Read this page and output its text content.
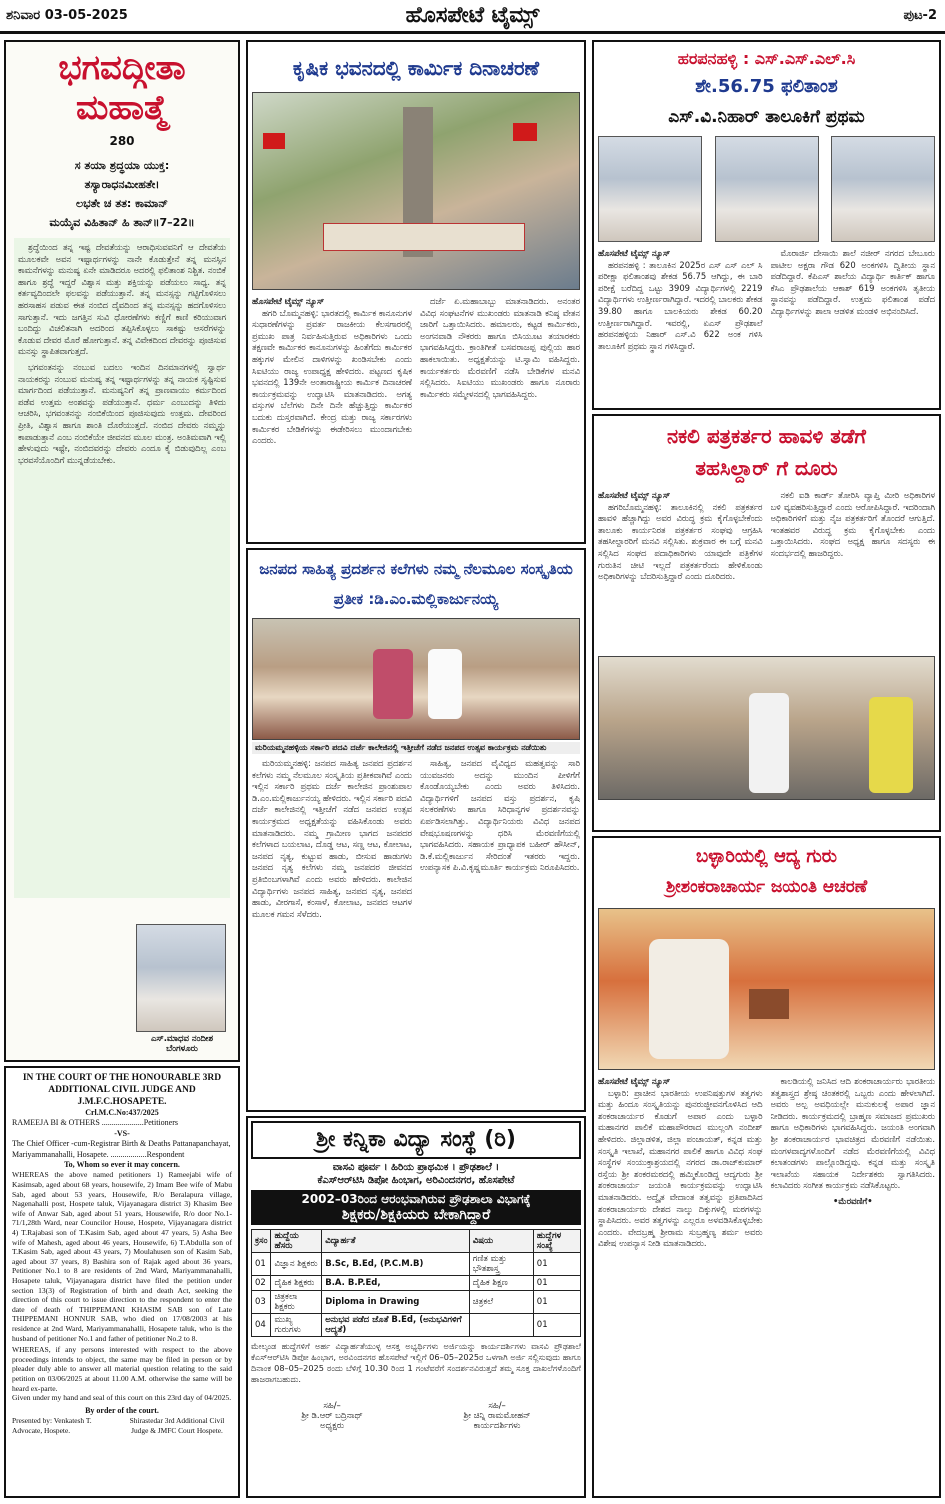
ಹೊಸಪೇಟೆ ಟೈಮ್ಸ್
ಶನಿವಾರ 03-05-2025	ಪುಟ-2
ಭಗವದ್ಗೀತಾ
ಮಹಾತ್ಮೆ
280
ಸ ತಯಾ ಶ್ರದ್ಧಯಾ ಯುಕ್ತ:
ತಸ್ಯಾರಾಧನಮೀಹತೇ।
ಲಭತೇ ಚ ತತ: ಕಾಮಾನ್
ಮಯೈವ ವಿಹಿತಾನ್ ಹಿ ತಾನ್॥7–22॥

ಶ್ರದ್ಧೆಯಿಂದ ತನ್ನ ಇಷ್ಟ ದೇವತೆಯನ್ನು ಆರಾಧಿಸುವವನಿಗೆ ಆ ದೇವತೆಯ ಮೂಲಕವೇ ಅವನ ಇಷ್ಟಾರ್ಥಗಳನ್ನು ನಾನೇ ಕೊಡುತ್ತೇನೆ ತನ್ನ ಮನಸ್ಸಿನ ಕಾಮನೆಗಳನ್ನು ಮನುಷ್ಯ ಏನೇ ಮಾಡಿದರೂ ಅದರಲ್ಲಿ ಫಲಿತಾಂಶ ನಿಶ್ಚಿತ. ನಂಬಿಕೆ ಹಾಗೂ ಶ್ರದ್ಧೆ ಇದ್ದರೆ ವಿಶ್ವಾಸ ಮತ್ತು ಶಕ್ತಿಯನ್ನು ಪಡೆಯಲು ಸಾಧ್ಯ. ತನ್ನ ಕರ್ತವ್ಯದಿಂದಲೇ ಫಲವನ್ನು ಪಡೆಯುತ್ತಾನೆ. ತನ್ನ ಮನಸ್ಸನ್ನು ಗಟ್ಟಿಗೊಳಿಸಲು ಹರಸಾಹಸ ಪಡುವ ಈತ ನಂಬಿದ ದೈವದಿಂದ ತನ್ನ ಮನಸ್ಸನ್ನು ಹದಗೊಳಿಸಲು ಸಾಗುತ್ತಾನೆ. ಇದು ಜಗತ್ತಿನ ಸುವಿ ಧೋರಣೆಗಳು ಕಣ್ಣಿಗೆ ಕಾಣಿ ಕರಿಯುವಾಗ ಬಂದಿದ್ದು ವಿಚಲಿತನಾಗಿ ಅದರಿಂದ ತಪ್ಪಿಸಿಕೊಳ್ಳಲು ಸಾಕಷ್ಟು ಆಸರೆಗಳನ್ನು ಕೊಡುವ ದೇವರ ಮೊರೆ ಹೋಗುತ್ತಾನೆ. ತನ್ನ ವಿವೇಕದಿಂದ ದೇವರನ್ನು ಪೂಜಿಸುವ ಮನಸ್ಸು ಸ್ಥಾಪಿತವಾಗುತ್ತದೆ.

ಭಗವಂತನನ್ನು ನಂಬುವ ಬದಲು ಇಂದಿನ ದಿನಮಾನಗಳಲ್ಲಿ ಸ್ವಾರ್ಥ ನಾಯಕರನ್ನು ನಂಬುವ ಮನುಷ್ಯ ತನ್ನ ಇಷ್ಟಾರ್ಥಗಳನ್ನು ತನ್ನ ನಾಯಕ ಸೃಷ್ಟಿಸುವ ಮಾರ್ಗದಿಂದ ಪಡೆಯುತ್ತಾನೆ. ಮನುಷ್ಯನಿಗೆ ತನ್ನ ಪ್ರಾಣವಾಯು ಕರ್ಮದಿಂದ ಪಡೆವ ಉತ್ತಮ ಅಂಶವನ್ನು ಪಡೆಯುತ್ತಾನೆ. ಧರ್ಮ ಎಂಬುದನ್ನು ತಿಳಿದು ಆಚರಿಸಿ, ಭಗವಂತನನ್ನು ನಂಬಿಕೆಯಿಂದ ಪೂಜಿಸುವುದು ಉತ್ತಮ. ದೇವರಿಂದ ಪ್ರೀತಿ, ವಿಶ್ವಾಸ ಹಾಗೂ ಶಾಂತಿ ದೊರೆಯುತ್ತದೆ. ನಂಬಿದ ದೇವರು ನಮ್ಮನ್ನು ಕಾಪಾಡುತ್ತಾನೆ ಎಂಬ ನಂಬಿಕೆಯೇ ಜೀವನದ ಮೂಲ ಮಂತ್ರ. ಅಂತಿಮವಾಗಿ ಇಲ್ಲಿ ಹೇಳುವುದು ಇಷ್ಟೇ, ನಂಬಿದವರನ್ನು ದೇವರು ಎಂದೂ ಕೈ ಬಿಡುವುದಿಲ್ಲ ಎಂಬ ಭರವಸೆಯೊಂದಿಗೆ ಮುನ್ನಡೆಯಬೇಕು.

ಎಸ್.ಮಾಧವ ನಂದೀಶ
ಬೆಂಗಳೂರು
IN THE COURT OF THE HONOURABLE 3RD ADDITIONAL CIVIL JUDGE AND J.M.F.C.HOSAPETE.
Crl.M.C.No:437/2025
RAMEEJA BI & OTHERS .....................Petitioners
-VS-
The Chief Officer -cum-Registrar Birth & Deaths Pattanapanchayat, Mariyammanahalli, Hosapete. ..................Respondent
To, Whom so ever it may concern.
WHEREAS the above named petitioners 1) Rameejabi wife of Kasimsab, aged about 68 years, housewife, 2) Imam Bee wife of Mabu Sab, aged about 53 years, Housewife, R/o Beralapura village, Nagenahalli post, Hospete taluk, Vijayanagara district 3) Khasim Bee wife of Anwar Sab, aged about 51 years, Housewife, R/o door No.1-71/1,28th Ward, near Councilor House, Hospete, Vijayanagara district 4) T.Rajabasi son of T.Kasim Sab, aged about 47 years, 5) Asha Bee wife of Mahesh, aged about 46 years, Housewife, 6) T.Abdulla son of T.Kasim Sab, aged about 43 years, 7) Moulahusen son of Kasim Sab, aged about 37 years, 8) Bashira son of Rajak aged about 36 years, Petitioner No.1 to 8 are residents of 2nd Ward, Mariyammanahalli, Hosapete taluk, Vijayanagara district have filed the petition under section 13(3) of Registration of birth and death Act, seeking the direction of this court to issue direction to the respondent to enter the date of death of THIPPEMANI KHASIM SAB son of Late THIPPEMANI HONNUR SAB, who died on 17/08/2003 at his residence at 2nd Ward, Mariyammanahalli, Hosapete taluk, who is the husband of petitioner No.1 and father of petitioner No.2 to 8.
WHEREAS, if any persons interested with respect to the above proceedings intends to object, the same may be filed in person or by pleader duly able to answer all material question relating to the said petition on 03/06/2025 at about 11.00 A.M. otherwise the same will be heard ex-parte.
Given under my hand and seal of this court on this 23rd day of 04/2025.
By order of the court.
Presented by: Venkatesh T. Advocate, Hospete.
Shirastedar 3rd Additional Civil Judge & JMFC Court Hospete.
ಕೃಷಿಕ ಭವನದಲ್ಲಿ ಕಾರ್ಮಿಕ ದಿನಾಚರಣೆ
ಹೊಸಪೇಟೆ ಟೈಮ್ಸ್ ನ್ಯೂಸ್

ಹಗರಿ ಬೊಮ್ಮನಹಳ್ಳಿ: ಭಾರತದಲ್ಲಿ ಕಾರ್ಮಿಕ ಕಾನೂನುಗಳ ಸುಧಾರಣೆಗಳನ್ನು ಪ್ರವರ್ತ ರಾಜಕೀಯ ಕೆಲಸಗಾರರಲ್ಲಿ ಪ್ರಮುಖ ಪಾತ್ರ ನಿರ್ವಹಿಸುತ್ತಿರುವ ಅಧಿಕಾರಿಗಳು ಒಂದು ತಕ್ಷಣವೇ ಕಾರ್ಮಿಕರ ಕಾನೂನುಗಳನ್ನು ಹಿಂತೆಗೆದು ಕಾರ್ಮಿಕರ ಹಕ್ಕುಗಳ ಮೇಲಿನ ದಾಳಿಗಳನ್ನು ಖಂಡಿಸಬೇಕು ಎಂದು ಸಿಐಟಿಯು ರಾಜ್ಯ ಉಪಾಧ್ಯಕ್ಷ ಹೇಳಿದರು. ಪಟ್ಟಣದ ಕೃಷಿಕ ಭವನದಲ್ಲಿ 139ನೇ ಅಂತಾರಾಷ್ಟ್ರೀಯ ಕಾರ್ಮಿಕ ದಿನಾಚರಣೆ ಕಾರ್ಯಕ್ರಮವನ್ನು ಉದ್ಘಾಟಿಸಿ ಮಾತನಾಡಿದರು. ಅಗತ್ಯ ವಸ್ತುಗಳ ಬೆಲೆಗಳು ದಿನೇ ದಿನೇ ಹೆಚ್ಚುತ್ತಿದ್ದು ಕಾರ್ಮಿಕರ ಬದುಕು ದುಸ್ತರವಾಗಿದೆ. ಕೇಂದ್ರ ಮತ್ತು ರಾಜ್ಯ ಸರ್ಕಾರಗಳು ಕಾರ್ಮಿಕರ ಬೇಡಿಕೆಗಳನ್ನು ಈಡೇರಿಸಲು ಮುಂದಾಗಬೇಕು ಎಂದರು.

ದರ್ಜೆ ಏ.ಮಹಾಬಾಬ್ಬು ಮಾತನಾಡಿದರು. ಅನಂತರ ವಿವಿಧ ಸಂಘಟನೆಗಳ ಮುಖಂಡರು ಮಾತನಾಡಿ ಕನಿಷ್ಠ ವೇತನ ಜಾರಿಗೆ ಒತ್ತಾಯಿಸಿದರು. ಹಮಾಲರು, ಕಟ್ಟಡ ಕಾರ್ಮಿಕರು, ಅಂಗನವಾಡಿ ನೌಕರರು ಹಾಗೂ ಬಿಸಿಯೂಟ ತಯಾರಕರು ಭಾಗವಹಿಸಿದ್ದರು. ಕ್ರಾಂತಿಗೀತೆ ಬಸವರಾಜಪ್ಪ ಪುಲ್ಲಿಯ ಹಾರ ಹಾಕಲಾಯಿತು. ಅಧ್ಯಕ್ಷತೆಯನ್ನು ಟಿ.ಸ್ವಾಮಿ ವಹಿಸಿದ್ದರು. ಕಾರ್ಯಕರ್ತರು ಮೆರವಣಿಗೆ ನಡೆಸಿ ಬೇಡಿಕೆಗಳ ಮನವಿ ಸಲ್ಲಿಸಿದರು. ಸಿಐಟಿಯು ಮುಖಂಡರು ಹಾಗೂ ನೂರಾರು ಕಾರ್ಮಿಕರು ಸಮ್ಮೇಳನದಲ್ಲಿ ಭಾಗವಹಿಸಿದ್ದರು.

ಜನಪದ ಸಾಹಿತ್ಯ ಪ್ರದರ್ಶನ ಕಲೆಗಳು ನಮ್ಮ ನೆಲಮೂಲ ಸಂಸ್ಕೃತಿಯ ಪ್ರತೀಕ :ಡಿ.ಎಂ.ಮಲ್ಲಿಕಾರ್ಜುನಯ್ಯ
ಮರಿಯಮ್ಮನಹಳ್ಳಿಯ ಸರ್ಕಾರಿ ಪದವಿ ದರ್ಜೆ ಕಾಲೇಜಿನಲ್ಲಿ ಇತ್ತೀಚೆಗೆ ನಡೆದ ಜನಪದ ಉತ್ಸವ ಕಾರ್ಯಕ್ರಮ ನಡೆಯಿತು

ಮರಿಯಮ್ಮನಹಳ್ಳಿ: ಜನಪದ ಸಾಹಿತ್ಯ ಜನಪದ ಪ್ರದರ್ಶನ ಕಲೆಗಳು ನಮ್ಮ ನೆಲಮೂಲ ಸಂಸ್ಕೃತಿಯ ಪ್ರತೀಕವಾಗಿವೆ ಎಂದು ಇಲ್ಲಿನ ಸರ್ಕಾರಿ ಪ್ರಥಮ ದರ್ಜೆ ಕಾಲೇಜಿನ ಪ್ರಾಂಶುಪಾಲ ಡಿ.ಎಂ.ಮಲ್ಲಿಕಾರ್ಜುನಯ್ಯ ಹೇಳಿದರು. ಇಲ್ಲಿನ ಸರ್ಕಾರಿ ಪದವಿ ದರ್ಜೆ ಕಾಲೇಜಿನಲ್ಲಿ ಇತ್ತೀಚೆಗೆ ನಡೆದ ಜನಪದ ಉತ್ಸವ ಕಾರ್ಯಕ್ರಮದ ಅಧ್ಯಕ್ಷತೆಯನ್ನು ವಹಿಸಿಕೊಂಡು ಅವರು ಮಾತನಾಡಿದರು. ನಮ್ಮ ಗ್ರಾಮೀಣ ಭಾಗದ ಜನಪದರ ಕಲೆಗಳಾದ ಬಯಲಾಟ, ದೊಡ್ಡ ಆಟ, ಸಣ್ಣ ಆಟ, ಕೋಲಾಟ, ಜನಪದ ನೃತ್ಯ, ಕುಟ್ಟುವ ಹಾಡು, ಬೀಸುವ ಹಾಡುಗಳು ಜನಪದ ನೃತ್ಯ ಕಲೆಗಳು ನಮ್ಮ ಜನಪದರ ಜೀವನದ ಪ್ರತಿಬಿಂಬಗಳಾಗಿವೆ ಎಂದು ಅವರು ಹೇಳಿದರು. ಕಾಲೇಜಿನ ವಿದ್ಯಾರ್ಥಿಗಳು ಜನಪದ ಸಾಹಿತ್ಯ, ಜನಪದ ನೃತ್ಯ, ಜನಪದ ಹಾಡು, ವೀರಗಾಸೆ, ಕಂಸಾಳೆ, ಕೋಲಾಟ, ಜನಪದ ಆಟಗಳ ಮೂಲಕ ಗಮನ ಸೆಳೆದರು.

ಸಾಹಿತ್ಯ, ಜನಪದ ವೈವಿಧ್ಯದ ಮಹತ್ವವನ್ನು ಸಾರಿ ಯುವಜನರು ಅದನ್ನು ಮುಂದಿನ ಪೀಳಿಗೆಗೆ ಕೊಂಡೊಯ್ಯಬೇಕು ಎಂದು ಅವರು ತಿಳಿಸಿದರು. ವಿದ್ಯಾರ್ಥಿಗಳಿಗೆ ಜನಪದ ವಸ್ತು ಪ್ರದರ್ಶನ, ಕೃಷಿ ಸಲಕರಣೆಗಳು ಹಾಗೂ ಸಿರಿಧಾನ್ಯಗಳ ಪ್ರದರ್ಶನವನ್ನು ಏರ್ಪಡಿಸಲಾಗಿತ್ತು. ವಿದ್ಯಾರ್ಥಿನಿಯರು ವಿವಿಧ ಜನಪದ ವೇಷಭೂಷಣಗಳನ್ನು ಧರಿಸಿ ಮೆರವಣಿಗೆಯಲ್ಲಿ ಭಾಗವಹಿಸಿದರು. ಸಹಾಯಕ ಪ್ರಾಧ್ಯಾಪಕ ಬಹೀರ್ ಹೌಸೀನ್, ಡಿ.ಕೆ.ಮಲ್ಲಿಕಾರ್ಜುನ ಸೇರಿದಂತೆ ಇತರರು ಇದ್ದರು. ಉಪನ್ಯಾಸಕ ಪಿ.ವಿ.ಕೃಷ್ಣಮೂರ್ತಿ ಕಾರ್ಯಕ್ರಮ ನಿರೂಪಿಸಿದರು.

ಶ್ರೀ ಕನ್ನಿಕಾ ವಿದ್ಯಾ ಸಂಸ್ಥೆ (ರಿ)
ವಾಸವಿ ಪೂರ್ವ । ಹಿರಿಯ ಪ್ರಾಥಮಿಕ । ಪ್ರೌಢಶಾಲೆ ।
ಕೆಎಸ್ಆರ್‌ಟಿಸಿ ಡಿಪೋ ಹಿಂಭಾಗ, ಅರಿವಿಂದನಗರ, ಹೊಸಪೇಟೆ
2002–03ರಿಂದ ಆರಂಭವಾಗಿರುವ ಪ್ರೌಢಶಾಲಾ ವಿಭಾಗಕ್ಕೆ
ಶಿಕ್ಷಕರು/ಶಿಕ್ಷಕಿಯರು ಬೇಕಾಗಿದ್ದಾರೆ
ಕ್ರಸಂ	ಹುದ್ದೆಯ ಹೆಸರು	ವಿದ್ಯಾರ್ಹತೆ	ವಿಷಯ	ಹುದ್ದೆಗಳ ಸಂಖ್ಯೆ
01	ವಿಜ್ಞಾನ ಶಿಕ್ಷಕರು	B.Sc, B.Ed, (P.C.M.B)	ಗಣಿತ ಮತ್ತು ಭೌತಶಾಸ್ತ್ರ	01
02	ದೈಹಿಕ ಶಿಕ್ಷಕರು	B.A. B.P.Ed,	ದೈಹಿಕ ಶಿಕ್ಷಣ	01
03	ಚಿತ್ರಕಲಾ ಶಿಕ್ಷಕರು	Diploma in Drawing	ಚಿತ್ರಕಲೆ	01
04	ಮುಖ್ಯ ಗುರುಗಳು	ಅನುಭವ ಪಡೆದ ಜೊತೆ B.Ed, (ಅನುಭವಿಗಳಿಗೆ ಆದ್ಯತೆ)		01
ಮೇಲ್ಕಂಡ ಹುದ್ದೆಗಳಿಗೆ ಅರ್ಹ ವಿದ್ಯಾರ್ಹತೆಯುಳ್ಳ ಆಸಕ್ತ ಅಭ್ಯರ್ಥಿಗಳು ಅರ್ಜಿಯನ್ನು ಕಾರ್ಯದರ್ಶಿಗಳು ವಾಸವಿ ಪ್ರೌಢಶಾಲೆ ಕೆಎಸ್ಆರ್‌ಟಿಸಿ ಡಿಪೋ ಹಿಂಭಾಗ, ಅರವಿಂದನಗರ ಹೊಸಪೇಟೆ ಇಲ್ಲಿಗೆ 06–05–2025ರ ಒಳಗಾಗಿ ಅರ್ಜಿ ಸಲ್ಲಿಸುವುದು ಹಾಗೂ ದಿನಾಂಕ 08–05–2025 ರಂದು ಬೆಳಿಗ್ಗೆ 10.30 ರಿಂದ 1 ಗಂಟೆವರೆಗೆ ಸಂದರ್ಶನವಿರುತ್ತದೆ ತಮ್ಮ ಸೂಕ್ತ ದಾಖಲೆಗಳೊಂದಿಗೆ ಹಾಜರಾಗಬಹುದು.
ಸಹಿ/–
ಶ್ರೀ ಡಿ.ಆರ್ ಬದ್ರಿನಾಥ್
ಅಧ್ಯಕ್ಷರು
ಸಹಿ/–
ಶ್ರೀ ಚಿನ್ನಿ ರಾಮಮೋಹನ್
ಕಾರ್ಯದರ್ಶಿಗಳು
ಹರಪನಹಳ್ಳಿ : ಎಸ್.ಎಸ್.ಎಲ್.ಸಿ
ಶೇ.56.75 ಫಲಿತಾಂಶ
ಎಸ್.ವಿ.ನಿಹಾರ್ ತಾಲೂಕಿಗೆ ಪ್ರಥಮ
ಹೊಸಪೇಟೆ ಟೈಮ್ಸ್ ನ್ಯೂಸ್

ಹರಪನಹಳ್ಳಿ : ತಾಲೂಕಿನ 2025ರ ಎಸ್ ಎಸ್ ಎಲ್ ಸಿ ಪರೀಕ್ಷಾ ಫಲಿತಾಂಶವು ಶೇಕಡ 56.75 ಆಗಿದ್ದು, ಈ ಬಾರಿ ಪರೀಕ್ಷೆ ಬರೆದಿದ್ದ ಒಟ್ಟು 3909 ವಿದ್ಯಾರ್ಥಿಗಳಲ್ಲಿ 2219 ವಿದ್ಯಾರ್ಥಿಗಳು ಉತ್ತೀರ್ಣರಾಗಿದ್ದಾರೆ. ಇದರಲ್ಲಿ ಬಾಲಕರು ಶೇಕಡ 39.80 ಹಾಗೂ ಬಾಲಕಿಯರು ಶೇಕಡ 60.20 ಉತ್ತೀರ್ಣರಾಗಿದ್ದಾರೆ. ಇವರಲ್ಲಿ, ಏಎಸ್ ಪ್ರೌಢಶಾಲೆ ಹರಪನಹಳ್ಳಿಯ ನಿಹಾರ್ ಎಸ್.ವಿ 622 ಅಂಕ ಗಳಿಸಿ ತಾಲೂಕಿಗೆ ಪ್ರಥಮ ಸ್ಥಾನ ಗಳಿಸಿದ್ದಾರೆ.

ಮೊರಾರ್ಜಿ ದೇಸಾಯಿ ಶಾಲೆ ನಜೀರ್ ನಗರದ ಬೇಬೂರು ಪಾಟೀಲ ಅಕ್ಷರಾ ಗೌಡ 620 ಅಂಕಗಳಿಸಿ ದ್ವಿತೀಯ ಸ್ಥಾನ ಪಡೆದಿದ್ದಾರೆ. ಕೆಪಿಎಸ್ ಶಾಲೆಯ ವಿದ್ಯಾರ್ಥಿ ಕಾರ್ತಿಕ್ ಹಾಗೂ ಕೆಸಿಎ ಪ್ರೌಢಶಾಲೆಯ ಆಕಾಶ್ 619 ಅಂಕಗಳಿಸಿ ತೃತೀಯ ಸ್ಥಾನವನ್ನು ಪಡೆದಿದ್ದಾರೆ. ಉತ್ತಮ ಫಲಿತಾಂಶ ಪಡೆದ ವಿದ್ಯಾರ್ಥಿಗಳನ್ನು ಶಾಲಾ ಆಡಳಿತ ಮಂಡಳಿ ಅಭಿನಂದಿಸಿದೆ.

ನಕಲಿ ಪತ್ರಕರ್ತರ ಹಾವಳಿ ತಡೆಗೆ
ತಹಸಿಲ್ದಾರ್ ಗೆ ದೂರು
ಹೊಸಪೇಟೆ ಟೈಮ್ಸ್ ನ್ಯೂಸ್

ಹಗರಿಬೊಮ್ಮನಹಳ್ಳಿ: ತಾಲೂಕಿನಲ್ಲಿ ನಕಲಿ ಪತ್ರಕರ್ತರ ಹಾವಳಿ ಹೆಚ್ಚಾಗಿದ್ದು ಅವರ ವಿರುದ್ಧ ಕ್ರಮ ಕೈಗೊಳ್ಳಬೇಕೆಂದು ತಾಲೂಕು ಕಾರ್ಯನಿರತ ಪತ್ರಕರ್ತರ ಸಂಘವು ಆಗ್ರಹಿಸಿ ತಹಸೀಲ್ದಾರರಿಗೆ ಮನವಿ ಸಲ್ಲಿಸಿತು. ಶುಕ್ರವಾರ ಈ ಬಗ್ಗೆ ಮನವಿ ಸಲ್ಲಿಸಿದ ಸಂಘದ ಪದಾಧಿಕಾರಿಗಳು ಯಾವುದೇ ಪತ್ರಿಕೆಗಳ ಗುರುತಿನ ಚೀಟಿ ಇಲ್ಲದೆ ಪತ್ರಕರ್ತರೆಂದು ಹೇಳಿಕೊಂಡು ಅಧಿಕಾರಿಗಳನ್ನು ಬೆದರಿಸುತ್ತಿದ್ದಾರೆ ಎಂದು ದೂರಿದರು.

ನಕಲಿ ಐಡಿ ಕಾರ್ಡ್ ತೋರಿಸಿ ವ್ಯಾಪ್ತಿ ಮೀರಿ ಅಧಿಕಾರಿಗಳ ಬಳಿ ವ್ಯವಹರಿಸುತ್ತಿದ್ದಾರೆ ಎಂದು ಆರೋಪಿಸಿದ್ದಾರೆ. ಇದರಿಂದಾಗಿ ಅಧಿಕಾರಿಗಳಿಗೆ ಮತ್ತು ನೈಜ ಪತ್ರಕರ್ತರಿಗೆ ತೊಂದರೆ ಆಗುತ್ತಿದೆ. ಇಂತಹವರ ವಿರುದ್ಧ ಕ್ರಮ ಕೈಗೊಳ್ಳಬೇಕು ಎಂದು ಒತ್ತಾಯಿಸಿದರು. ಸಂಘದ ಅಧ್ಯಕ್ಷ ಹಾಗೂ ಸದಸ್ಯರು ಈ ಸಂದರ್ಭದಲ್ಲಿ ಹಾಜರಿದ್ದರು.

ಬಳ್ಳಾರಿಯಲ್ಲಿ ಆದ್ಯ ಗುರು
ಶ್ರೀಶಂಕರಾಚಾರ್ಯ ಜಯಂತಿ ಆಚರಣೆ
ಹೊಸಪೇಟೆ ಟೈಮ್ಸ್ ನ್ಯೂಸ್

ಬಳ್ಳಾರಿ: ಪ್ರಾಚೀನ ಭಾರತೀಯ ಉಪನಿಷತ್ತುಗಳ ತತ್ವಗಳು ಮತ್ತು ಹಿಂದೂ ಸಂಸ್ಕೃತಿಯನ್ನು ಪುನರುಜ್ಜೀವನಗೊಳಿಸಿದ ಆದಿ ಶಂಕರಾಚಾರ್ಯರ ಕೊಡುಗೆ ಅಪಾರ ಎಂದು ಬಳ್ಳಾರಿ ಮಹಾನಗರ ಪಾಲಿಕೆ ಮಹಾಪೌರರಾದ ಮುಲ್ಲಂಗಿ ನಂದೀಶ್ ಹೇಳಿದರು. ಜಿಲ್ಲಾಡಳಿತ, ಜಿಲ್ಲಾ ಪಂಚಾಯತ್, ಕನ್ನಡ ಮತ್ತು ಸಂಸ್ಕೃತಿ ಇಲಾಖೆ, ಮಹಾನಗರ ಪಾಲಿಕೆ ಹಾಗೂ ವಿವಿಧ ಸಂಘ ಸಂಸ್ಥೆಗಳ ಸಂಯುಕ್ತಾಶ್ರಯದಲ್ಲಿ ನಗರದ ಡಾ.ರಾಜ್‌ಕುಮಾರ್ ರಸ್ತೆಯ ಶ್ರೀ ಶಂಕರಮಠದಲ್ಲಿ ಹಮ್ಮಿಕೊಂಡಿದ್ದ ಆದ್ಯಗುರು ಶ್ರೀ ಶಂಕರಾಚಾರ್ಯ ಜಯಂತಿ ಕಾರ್ಯಕ್ರಮವನ್ನು ಉದ್ಘಾಟಿಸಿ ಮಾತನಾಡಿದರು. ಅದ್ವೈತ ವೇದಾಂತ ತತ್ವವನ್ನು ಪ್ರತಿಪಾದಿಸಿದ ಶಂಕರಾಚಾರ್ಯರು ದೇಶದ ನಾಲ್ಕು ದಿಕ್ಕುಗಳಲ್ಲಿ ಮಠಗಳನ್ನು ಸ್ಥಾಪಿಸಿದರು. ಅವರ ತತ್ವಗಳನ್ನು ಎಲ್ಲರೂ ಅಳವಡಿಸಿಕೊಳ್ಳಬೇಕು ಎಂದರು. ವೇದಬ್ರಹ್ಮ ಶ್ರೀರಾಮ ಸುಬ್ರಹ್ಮಣ್ಯ ಶರ್ಮ ಅವರು ವಿಶೇಷ ಉಪನ್ಯಾಸ ನೀಡಿ ಮಾತನಾಡಿದರು.

ಕಾಲಡಿಯಲ್ಲಿ ಜನಿಸಿದ ಆದಿ ಶಂಕರಾಚಾರ್ಯರು ಭಾರತೀಯ ತತ್ವಶಾಸ್ತ್ರದ ಶ್ರೇಷ್ಠ ಚಿಂತಕರಲ್ಲಿ ಒಬ್ಬರು ಎಂದು ಹೇಳಲಾಗಿದೆ. ಅವರು ಅಲ್ಪ ಅವಧಿಯಲ್ಲೇ ಮನುಕುಲಕ್ಕೆ ಅಪಾರ ಜ್ಞಾನ ನೀಡಿದರು. ಕಾರ್ಯಕ್ರಮದಲ್ಲಿ ಬ್ರಾಹ್ಮಣ ಸಮಾಜದ ಪ್ರಮುಖರು ಹಾಗೂ ಅಧಿಕಾರಿಗಳು ಭಾಗವಹಿಸಿದ್ದರು. ಜಯಂತಿ ಅಂಗವಾಗಿ ಶ್ರೀ ಶಂಕರಾಚಾರ್ಯರ ಭಾವಚಿತ್ರದ ಮೆರವಣಿಗೆ ನಡೆಯಿತು. ಮಂಗಳವಾದ್ಯಗಳೊಂದಿಗೆ ನಡೆದ ಮೆರವಣಿಗೆಯಲ್ಲಿ ವಿವಿಧ ಕಲಾತಂಡಗಳು ಪಾಲ್ಗೊಂಡಿದ್ದವು. ಕನ್ನಡ ಮತ್ತು ಸಂಸ್ಕೃತಿ ಇಲಾಖೆಯ ಸಹಾಯಕ ನಿರ್ದೇಶಕರು ಸ್ವಾಗತಿಸಿದರು. ಕಲಾವಿದರು ಸಂಗೀತ ಕಾರ್ಯಕ್ರಮ ನಡೆಸಿಕೊಟ್ಟರು.

•ಮೆರವಣಿಗೆ•
